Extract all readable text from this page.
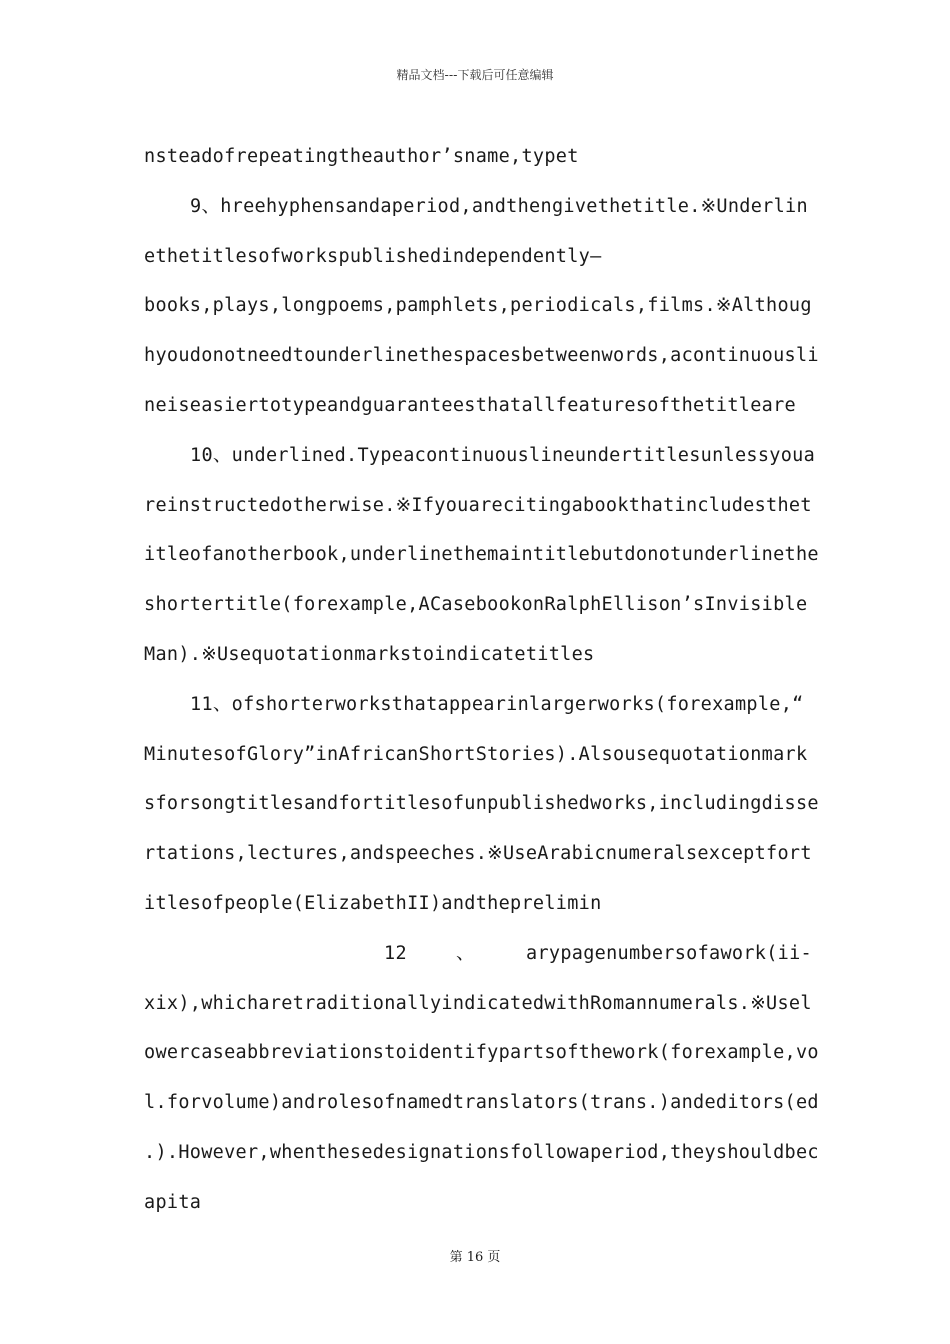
精品文档---下载后可任意编辑
nsteadofrepeatingtheauthor’sname,typet
9、hreehyphensandaperiod,andthengivethetitle.※Underlin
ethetitlesofworkspublishedindependently—
books,plays,longpoems,pamphlets,periodicals,films.※Althoug
hyoudonotneedtounderlinethespacesbetweenwords,acontinuousli
neiseasiertotypeandguaranteesthatallfeaturesofthetitleare
10、underlined.Typeacontinuouslineundertitlesunlessyoua
reinstructedotherwise.※Ifyouarecitingabookthatincludesthet
itleofanotherbook,underlinethemaintitlebutdonotunderlinethe
shortertitle(forexample,ACasebookonRalphEllison’sInvisible
Man).※Usequotationmarkstoindicatetitles
11、ofshorterworksthatappearinlargerworks(forexample,“
MinutesofGlory”inAfricanShortStories).Alsousequotationmark
sforsongtitlesandfortitlesofunpublishedworks,includingdisse
rtations,lectures,andspeeches.※UseArabicnumeralsexceptfort
itlesofpeople(ElizabethII)andtheprelimin
12	、	arypagenumbersofawork(ii-
xix),whicharetraditionallyindicatedwithRomannumerals.※Usel
owercaseabbreviationstoidentifypartsofthework(forexample,vo
l.forvolume)androlesofnamedtranslators(trans.)andeditors(ed
.).However,whenthesedesignationsfollowaperiod,theyshouldbec
apita
第 16 页
